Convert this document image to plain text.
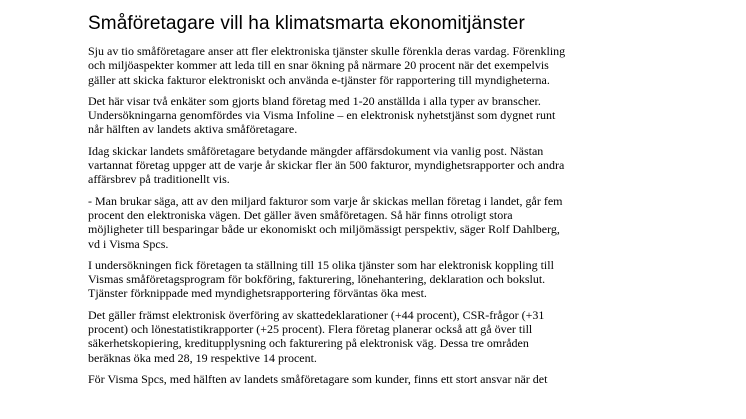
Småföretagare vill ha klimatsmarta ekonomitjänster

Sju av tio småföretagare anser att fler elektroniska tjänster skulle förenkla deras vardag. Förenkling
och miljöaspekter kommer att leda till en snar ökning på närmare 20 procent när det exempelvis
gäller att skicka fakturor elektroniskt och använda e-tjänster för rapportering till myndigheterna.

Det här visar två enkäter som gjorts bland företag med 1-20 anställda i alla typer av branscher.
Undersökningarna genomfördes via Visma Infoline – en elektronisk nyhetstjänst som dygnet runt
når hälften av landets aktiva småföretagare.

Idag skickar landets småföretagare betydande mängder affärsdokument via vanlig post. Nästan
vartannat företag uppger att de varje år skickar fler än 500 fakturor, myndighetsrapporter och andra
affärsbrev på traditionellt vis.

- Man brukar säga, att av den miljard fakturor som varje år skickas mellan företag i landet, går fem
procent den elektroniska vägen. Det gäller även småföretagen. Så här finns otroligt stora
möjligheter till besparingar både ur ekonomiskt och miljömässigt perspektiv, säger Rolf Dahlberg,
vd i Visma Spcs.

I undersökningen fick företagen ta ställning till 15 olika tjänster som har elektronisk koppling till
Vismas småföretagsprogram för bokföring, fakturering, lönehantering, deklaration och bokslut.
Tjänster förknippade med myndighetsrapportering förväntas öka mest.

Det gäller främst elektronisk överföring av skattedeklarationer (+44 procent), CSR-frågor (+31
procent) och lönestatistikrapporter (+25 procent). Flera företag planerar också att gå över till
säkerhetskopiering, kreditupplysning och fakturering på elektronisk väg. Dessa tre områden
beräknas öka med 28, 19 respektive 14 procent.

För Visma Spcs, med hälften av landets småföretagare som kunder, finns ett stort ansvar när det
